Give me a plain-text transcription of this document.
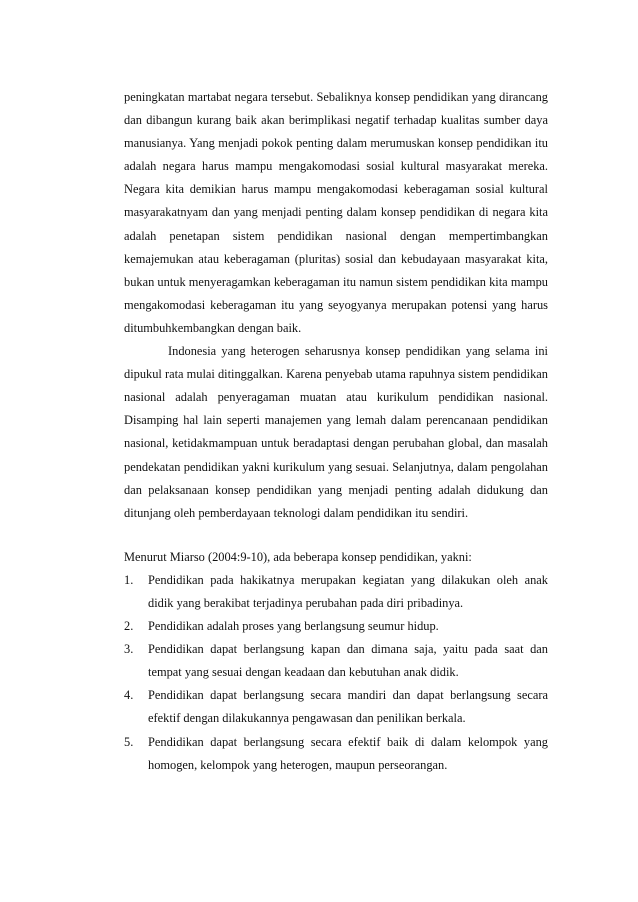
peningkatan martabat negara tersebut. Sebaliknya konsep pendidikan yang dirancang dan dibangun kurang baik akan berimplikasi negatif terhadap kualitas sumber daya manusianya. Yang menjadi pokok penting dalam merumuskan konsep pendidikan itu adalah negara harus mampu mengakomodasi sosial kultural masyarakat mereka. Negara kita demikian harus mampu mengakomodasi keberagaman sosial kultural masyarakatnyam dan yang menjadi penting dalam konsep pendidikan di negara kita adalah penetapan sistem pendidikan nasional dengan mempertimbangkan kemajemukan atau keberagaman (pluritas) sosial dan kebudayaan masyarakat kita, bukan untuk menyeragamkan keberagaman itu namun sistem pendidikan kita mampu mengakomodasi keberagaman itu yang seyogyanya merupakan potensi yang harus ditumbuhkembangkan dengan baik.

Indonesia yang heterogen seharusnya konsep pendidikan yang selama ini dipukul rata mulai ditinggalkan. Karena penyebab utama rapuhnya sistem pendidikan nasional adalah penyeragaman muatan atau kurikulum pendidikan nasional. Disamping hal lain seperti manajemen yang lemah dalam perencanaan pendidikan nasional, ketidakmampuan untuk beradaptasi dengan perubahan global, dan masalah pendekatan pendidikan yakni kurikulum yang sesuai. Selanjutnya, dalam pengolahan dan pelaksanaan konsep pendidikan yang menjadi penting adalah didukung dan ditunjang oleh pemberdayaan teknologi dalam pendidikan itu sendiri.

Menurut Miarso (2004:9-10), ada beberapa konsep pendidikan, yakni:

1. Pendidikan pada hakikatnya merupakan kegiatan yang dilakukan oleh anak didik yang berakibat terjadinya perubahan pada diri pribadinya.
2. Pendidikan adalah proses yang berlangsung seumur hidup.
3. Pendidikan dapat berlangsung kapan dan dimana saja, yaitu pada saat dan tempat yang sesuai dengan keadaan dan kebutuhan anak didik.
4. Pendidikan dapat berlangsung secara mandiri dan dapat berlangsung secara efektif dengan dilakukannya pengawasan dan penilikan berkala.
5. Pendidikan dapat berlangsung secara efektif baik di dalam kelompok yang homogen, kelompok yang heterogen, maupun perseorangan.
